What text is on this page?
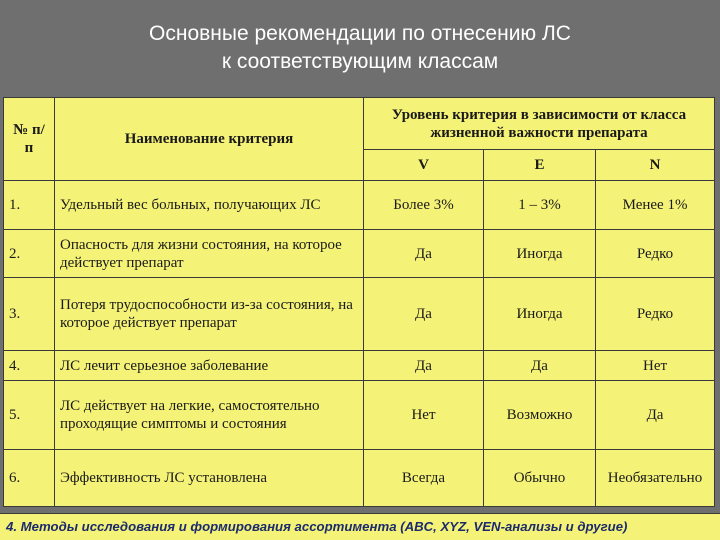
Основные рекомендации по отнесению ЛС
к соответствующим классам
№ п/п	Наименование критерия	Уровень критерия в зависимости от класса жизненной важности препарата		
		V	E	N
1.	Удельный вес больных, получающих ЛС	Более 3%	1 – 3%	Менее 1%
2.	Опасность для жизни состояния, на которое действует препарат	Да	Иногда	Редко
3.	Потеря трудоспособности из-за состояния, на которое действует препарат	Да	Иногда	Редко
4.	ЛС лечит серьезное заболевание	Да	Да	Нет
5.	ЛС действует на легкие, самостоятельно проходящие симптомы и состояния	Нет	Возможно	Да
6.	Эффективность ЛС установлена	Всегда	Обычно	Необязательно
4. Методы исследования и формирования ассортимента (ABC, XYZ, VEN-анализы и другие)
